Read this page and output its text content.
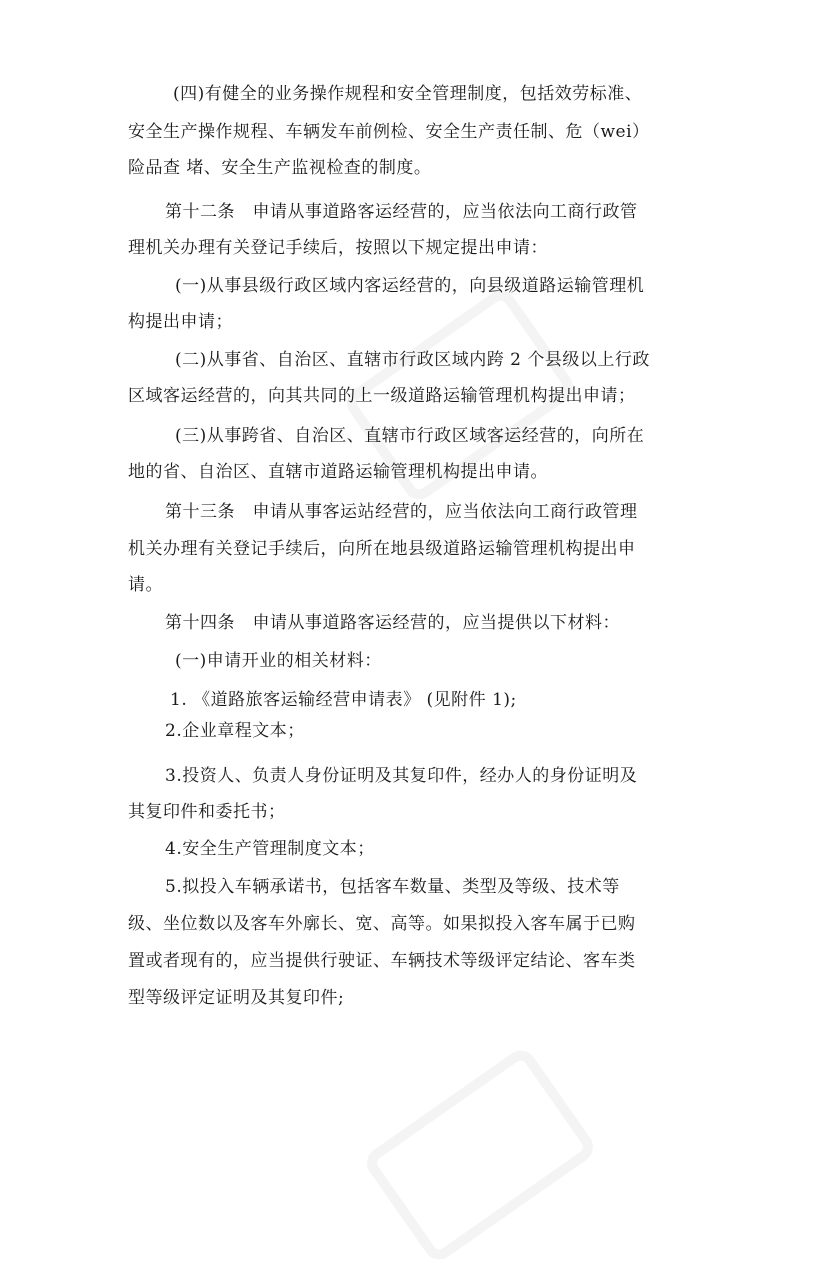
(四)有健全的业务操作规程和安全管理制度，包括效劳标准、
安全生产操作规程、车辆发车前例检、安全生产责任制、危（wei）
险品查 堵、安全生产监视检查的制度。
第十二条　申请从事道路客运经营的，应当依法向工商行政管
理机关办理有关登记手续后，按照以下规定提出申请：
(一)从事县级行政区域内客运经营的，向县级道路运输管理机
构提出申请；
(二)从事省、自治区、直辖市行政区域内跨 2 个县级以上行政
区域客运经营的，向其共同的上一级道路运输管理机构提出申请；
(三)从事跨省、自治区、直辖市行政区域客运经营的，向所在
地的省、自治区、直辖市道路运输管理机构提出申请。
第十三条　申请从事客运站经营的，应当依法向工商行政管理
机关办理有关登记手续后，向所在地县级道路运输管理机构提出申
请。
第十四条　申请从事道路客运经营的，应当提供以下材料：
(一)申请开业的相关材料：
1. 《道路旅客运输经营申请表》 (见附件 1);
2.企业章程文本；
3.投资人、负责人身份证明及其复印件，经办人的身份证明及
其复印件和委托书；
4.安全生产管理制度文本；
5.拟投入车辆承诺书，包括客车数量、类型及等级、技术等
级、坐位数以及客车外廓长、宽、高等。如果拟投入客车属于已购
置或者现有的，应当提供行驶证、车辆技术等级评定结论、客车类
型等级评定证明及其复印件;
